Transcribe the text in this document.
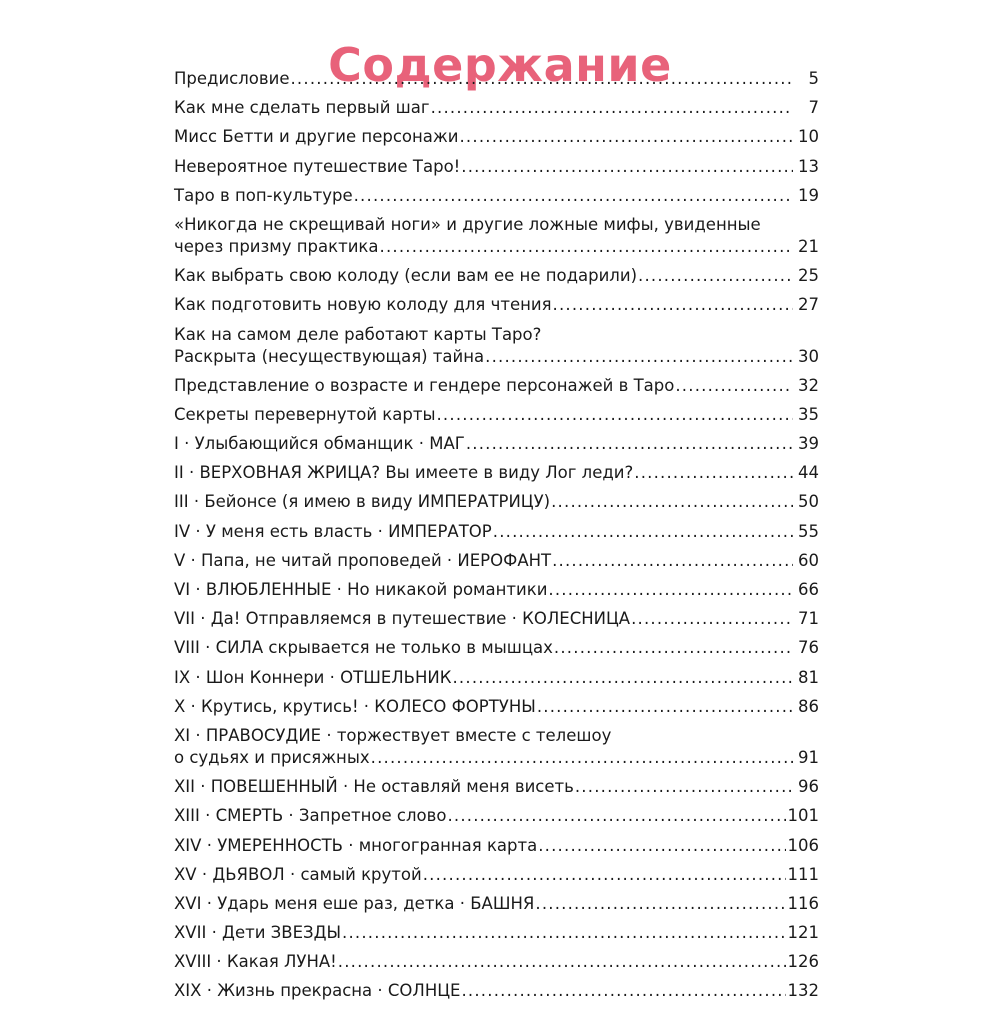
Содержание
Предисловие .....	5
Как мне сделать первый шаг .....	7
Мисс Бетти и другие персонажи .....	10
Невероятное путешествие Таро! .....	13
Таро в поп-культуре .....	19
«Никогда не скрещивай ноги» и другие ложные мифы, увиденные
через призму практика .....	21
Как выбрать свою колоду (если вам ее не подарили) .....	25
Как подготовить новую колоду для чтения .....	27
Как на самом деле работают карты Таро?
Раскрыта (несуществующая) тайна .....	30
Представление о возрасте и гендере персонажей в Таро .....	32
Секреты перевернутой карты .....	35
I · Улыбающийся обманщик · МАГ .....	39
II · ВЕРХОВНАЯ ЖРИЦА? Вы имеете в виду Лог леди? .....	44
III · Бейонсе (я имею в виду ИМПЕРАТРИЦУ) .....	50
IV · У меня есть власть · ИМПЕРАТОР .....	55
V · Папа, не читай проповедей · ИЕРОФАНТ .....	60
VI · ВЛЮБЛЕННЫЕ · Но никакой романтики .....	66
VII · Да! Отправляемся в путешествие · КОЛЕСНИЦА .....	71
VIII · СИЛА скрывается не только в мышцах .....	76
IX · Шон Коннери · ОТШЕЛЬНИК .....	81
X · Крутись, крутись! · КОЛЕСО ФОРТУНЫ .....	86
XI · ПРАВОСУДИЕ · торжествует вместе с телешоу
о судьях и присяжных .....	91
XII · ПОВЕШЕННЫЙ · Не оставляй меня висеть .....	96
XIII · СМЕРТЬ · Запретное слово .....	101
XIV · УМЕРЕННОСТЬ · многогранная карта .....	106
XV · ДЬЯВОЛ · самый крутой .....	111
XVI · Ударь меня еше раз, детка · БАШНЯ .....	116
XVII · Дети ЗВЕЗДЫ .....	121
XVIII · Какая ЛУНА! .....	126
XIX · Жизнь прекрасна · СОЛНЦЕ .....	132
